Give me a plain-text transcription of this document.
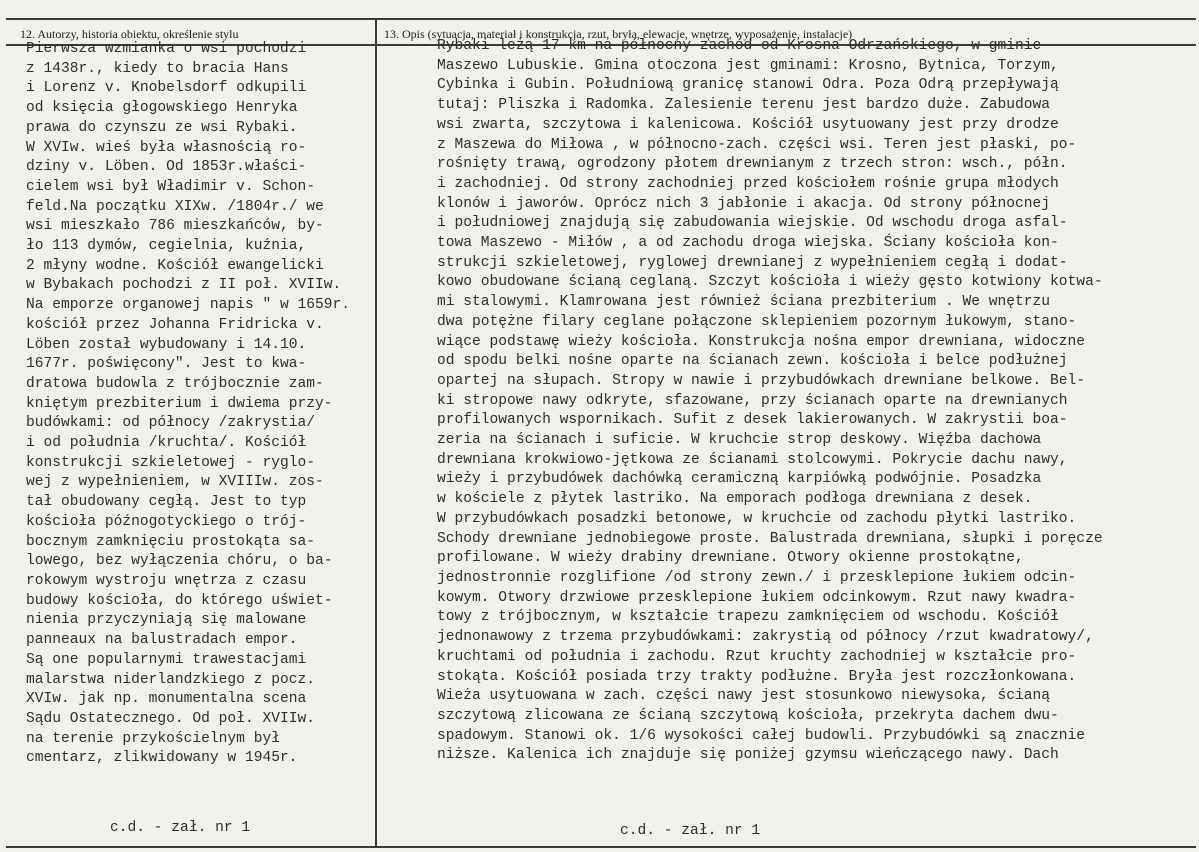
12. Autorzy, historia obiektu, określenie stylu	13. Opis (sytuacja, materiał i konstrukcja, rzut, bryła, elewacje, wnętrze, wyposażenie, instalacje)
Pierwsza wzmianka o wsi pochodzi
z 1438r., kiedy to bracia Hans
i Lorenz v. Knobelsdorf odkupili
od księcia głogowskiego Henryka
prawa do czynszu ze wsi Rybaki.
W XVIw. wieś była własnością ro-
dziny v. Löben. Od 1853r.właści-
cielem wsi był Władimir v. Schon-
feld.Na początku XIXw. /1804r./ we
wsi mieszkało 786 mieszkańców, by-
ło 113 dymów, cegielnia, kuźnia,
2 młyny wodne. Kościół ewangelicki
w Bybakach pochodzi z II poł. XVIIw.
Na emporze organowej napis " w 1659r.
kościół przez Johanna Fridricka v.
Löben został wybudowany i 14.10.
1677r. poświęcony". Jest to kwa-
dratowa budowla z trójbocznie zam-
kniętym prezbiterium i dwiema przy-
budówkami: od północy /zakrystia/
i od południa /kruchta/. Kościół
konstrukcji szkieletowej - ryglo-
wej z wypełnieniem, w XVIIIw. zos-
tał obudowany cegłą. Jest to typ
kościoła późnogotyckiego o trój-
bocznym zamknięciu prostokąta sa-
lowego, bez wyłączenia chóru, o ba-
rokowym wystroju wnętrza z czasu
budowy kościoła, do którego uświet-
nienia przyczyniają się malowane
panneaux na balustradach empor.
Są one popularnymi trawestacjami
malarstwa niderlandzkiego z pocz.
XVIw. jak np. monumentalna scena
Sądu Ostatecznego. Od poł. XVIIw.
na terenie przykościelnym był
cmentarz, zlikwidowany w 1945r.
Rybaki leżą 17 km na północny zachód od Krosna Odrzańskiego, w gminie
Maszewo Lubuskie. Gmina otoczona jest gminami: Krosno, Bytnica, Torzym,
Cybinka i Gubin. Południową granicę stanowi Odra. Poza Odrą przepływają
tutaj: Pliszka i Radomka. Zalesienie terenu jest bardzo duże. Zabudowa
wsi zwarta, szczytowa i kalenicowa. Kościół usytuowany jest przy drodze
z Maszewa do Miłowa , w północno-zach. części wsi. Teren jest płaski, po-
rośnięty trawą, ogrodzony płotem drewnianym z trzech stron: wsch., półn.
i zachodniej. Od strony zachodniej przed kościołem rośnie grupa młodych
klonów i jaworów. Oprócz nich 3 jabłonie i akacja. Od strony północnej
i południowej znajdują się zabudowania wiejskie. Od wschodu droga asfal-
towa Maszewo - Miłów , a od zachodu droga wiejska. Ściany kościoła kon-
strukcji szkieletowej, ryglowej drewnianej z wypełnieniem cegłą i dodat-
kowo obudowane ścianą ceglaną. Szczyt kościoła i wieży gęsto kotwiony kotwa-
mi stalowymi. Klamrowana jest również ściana prezbiterium . We wnętrzu
dwa potężne filary ceglane połączone sklepieniem pozornym łukowym, stano-
wiące podstawę wieży kościoła. Konstrukcja nośna empor drewniana, widoczne
od spodu belki nośne oparte na ścianach zewn. kościoła i belce podłużnej
opartej na słupach. Stropy w nawie i przybudówkach drewniane belkowe. Bel-
ki stropowe nawy odkryte, sfazowane, przy ścianach oparte na drewnianych
profilowanych wspornikach. Sufit z desek lakierowanych. W zakrystii boa-
zeria na ścianach i suficie. W kruchcie strop deskowy. Więźba dachowa
drewniana krokwiowo-jętkowa ze ścianami stolcowymi. Pokrycie dachu nawy,
wieży i przybudówek dachówką ceramiczną karpiówką podwójnie. Posadzka
w kościele z płytek lastriko. Na emporach podłoga drewniana z desek.
W przybudówkach posadzki betonowe, w kruchcie od zachodu płytki lastriko.
Schody drewniane jednobiegowe proste. Balustrada drewniana, słupki i poręcze
profilowane. W wieży drabiny drewniane. Otwory okienne prostokątne,
jednostronnie rozglifione /od strony zewn./ i przesklepione łukiem odcin-
kowym. Otwory drzwiowe przesklepione łukiem odcinkowym. Rzut nawy kwadra-
towy z trójbocznym, w kształcie trapezu zamknięciem od wschodu. Kościół
jednonawowy z trzema przybudówkami: zakrystią od północy /rzut kwadratowy/,
kruchtami od południa i zachodu. Rzut kruchty zachodniej w kształcie pro-
stokąta. Kościół posiada trzy trakty podłużne. Bryła jest rozczłonkowana.
Wieża usytuowana w zach. części nawy jest stosunkowo niewysoka, ścianą
szczytową zlicowana ze ścianą szczytową kościoła, przekryta dachem dwu-
spadowym. Stanowi ok. 1/6 wysokości całej budowli. Przybudówki są znacznie
niższe. Kalenica ich znajduje się poniżej gzymsu wieńczącego nawy. Dach
c.d. - zał. nr 1	c.d. - zał. nr 1
